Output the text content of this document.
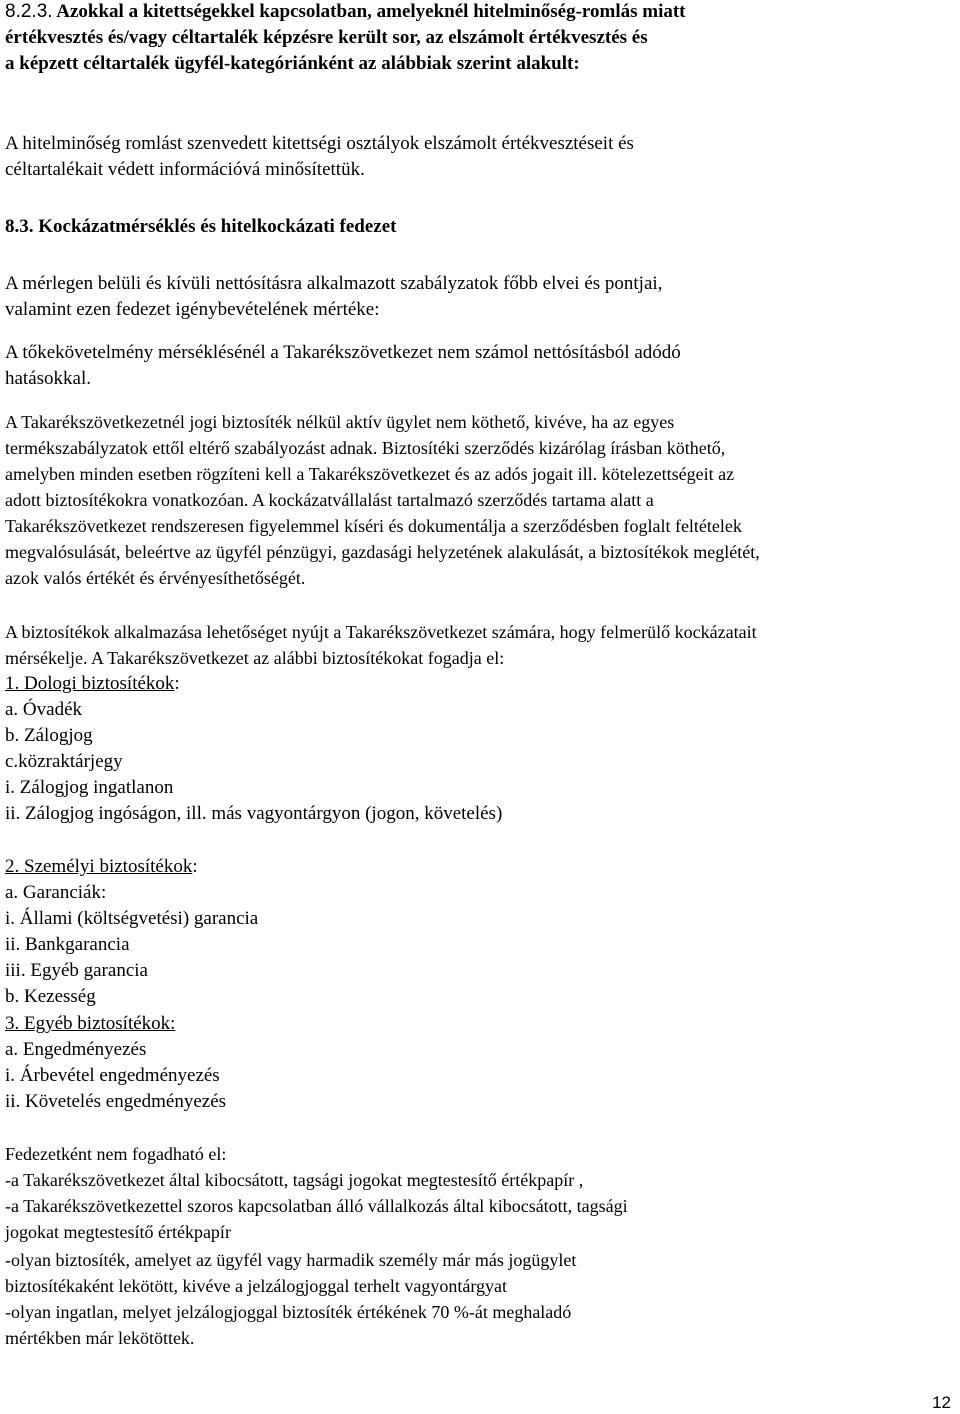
8.2.3. Azokkal a kitettségekkel kapcsolatban, amelyeknél hitelminőség-romlás miatt
értékvesztés és/vagy céltartalék képzésre került sor, az elszámolt értékvesztés és
a képzett céltartalék ügyfél-kategóriánként az alábbiak szerint alakult:
A hitelminőség romlást szenvedett kitettségi osztályok elszámolt értékvesztéseit és
céltartalékait védett információvá minősítettük.
8.3. Kockázatmérséklés és hitelkockázati fedezet
A mérlegen belüli és kívüli nettósításra alkalmazott szabályzatok főbb elvei és pontjai,
valamint ezen fedezet igénybevételének mértéke:
A tőkekövetelmény mérséklésénél a Takarékszövetkezet nem számol nettósításból adódó
hatásokkal.
A Takarékszövetkezetnél jogi biztosíték nélkül aktív ügylet nem köthető, kivéve, ha az egyes
termékszabályzatok ettől eltérő szabályozást adnak. Biztosítéki szerződés kizárólag írásban köthető,
amelyben minden esetben rögzíteni kell a Takarékszövetkezet és az adós jogait ill. kötelezettségeit az
adott biztosítékokra vonatkozóan. A kockázatvállalást tartalmazó szerződés tartama alatt a
Takarékszövetkezet rendszeresen figyelemmel kíséri és dokumentálja a szerződésben foglalt feltételek
megvalósulását, beleértve az ügyfél pénzügyi, gazdasági helyzetének alakulását, a biztosítékok meglétét,
azok valós értékét és érvényesíthetőségét.
A biztosítékok alkalmazása lehetőséget nyújt a Takarékszövetkezet számára, hogy felmerülő kockázatait
mérsékelje. A Takarékszövetkezet az alábbi biztosítékokat fogadja el:
1. Dologi biztosítékok:
a. Óvadék
b. Zálogjog
c.közraktárjegy
i. Zálogjog ingatlanon
ii. Zálogjog ingóságon, ill. más vagyontárgyon (jogon, követelés)
2. Személyi biztosítékok:
a. Garanciák:
i. Állami (költségvetési) garancia
ii. Bankgarancia
iii. Egyéb garancia
b. Kezesség
3. Egyéb biztosítékok:
a. Engedményezés
i. Árbevétel engedményezés
ii. Követelés engedményezés
Fedezetként nem fogadható el:
-a Takarékszövetkezet által kibocsátott, tagsági jogokat megtestesítő értékpapír ,
-a Takarékszövetkezettel szoros kapcsolatban álló vállalkozás által kibocsátott, tagsági
jogokat megtestesítő értékpapír
-olyan biztosíték, amelyet az ügyfél vagy harmadik személy már más jogügylet
biztosítékaként lekötött, kivéve a jelzálogjoggal terhelt vagyontárgyat
-olyan ingatlan, melyet jelzálogjoggal biztosíték értékének 70 %-át meghaladó
mértékben már lekötöttek.
12
